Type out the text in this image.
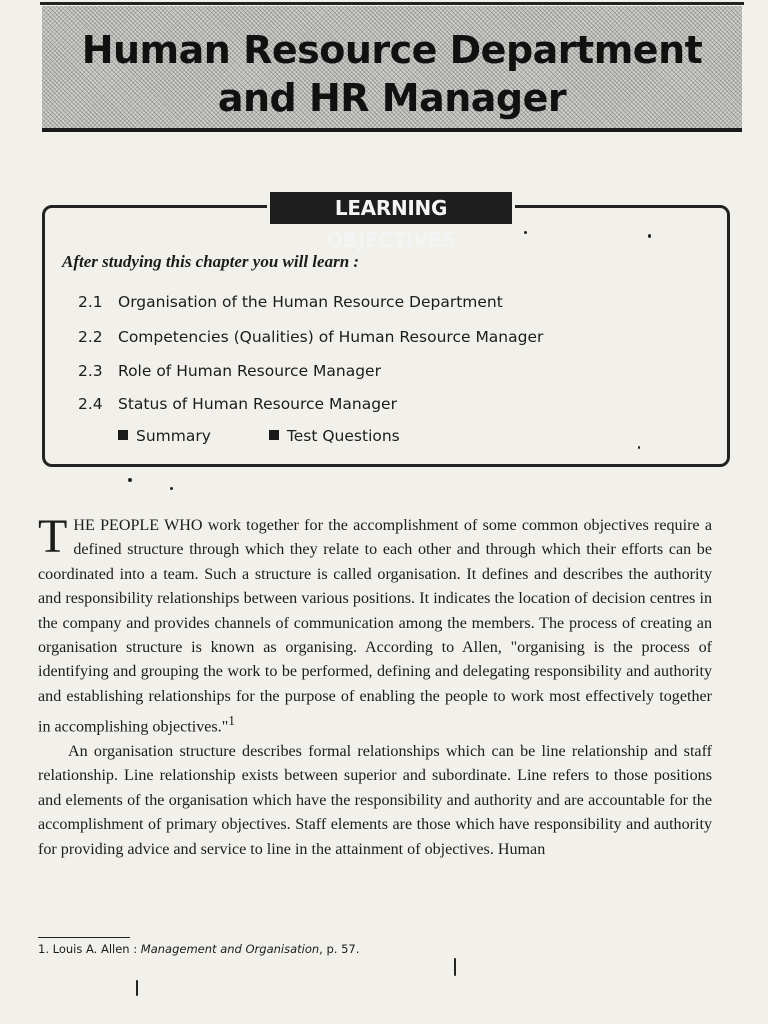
Human Resource Department
and HR Manager
LEARNING OBJECTIVES
After studying this chapter you will learn :
2.1 Organisation of the Human Resource Department
2.2 Competencies (Qualities) of Human Resource Manager
2.3 Role of Human Resource Manager
2.4 Status of Human Resource Manager
Summary	Test Questions

THE PEOPLE WHO work together for the accomplishment of some common objectives require a defined structure through which they relate to each other and through which their efforts can be coordinated into a team. Such a structure is called organisation. It defines and describes the authority and responsibility relationships between various positions. It indicates the location of decision centres in the company and provides channels of communication among the members. The process of creating an organisation structure is known as organising. According to Allen, "organising is the process of identifying and grouping the work to be performed, defining and delegating responsibility and authority and establishing relationships for the purpose of enabling the people to work most effectively together in accomplishing objectives."$^1$

An organisation structure describes formal relationships which can be line relationship and staff relationship. Line relationship exists between superior and subordinate. Line refers to those positions and elements of the organisation which have the responsibility and authority and are accountable for the accomplishment of primary objectives. Staff elements are those which have responsibility and authority for providing advice and service to line in the attainment of objectives. Human

1. Louis A. Allen : Management and Organisation, p. 57.
